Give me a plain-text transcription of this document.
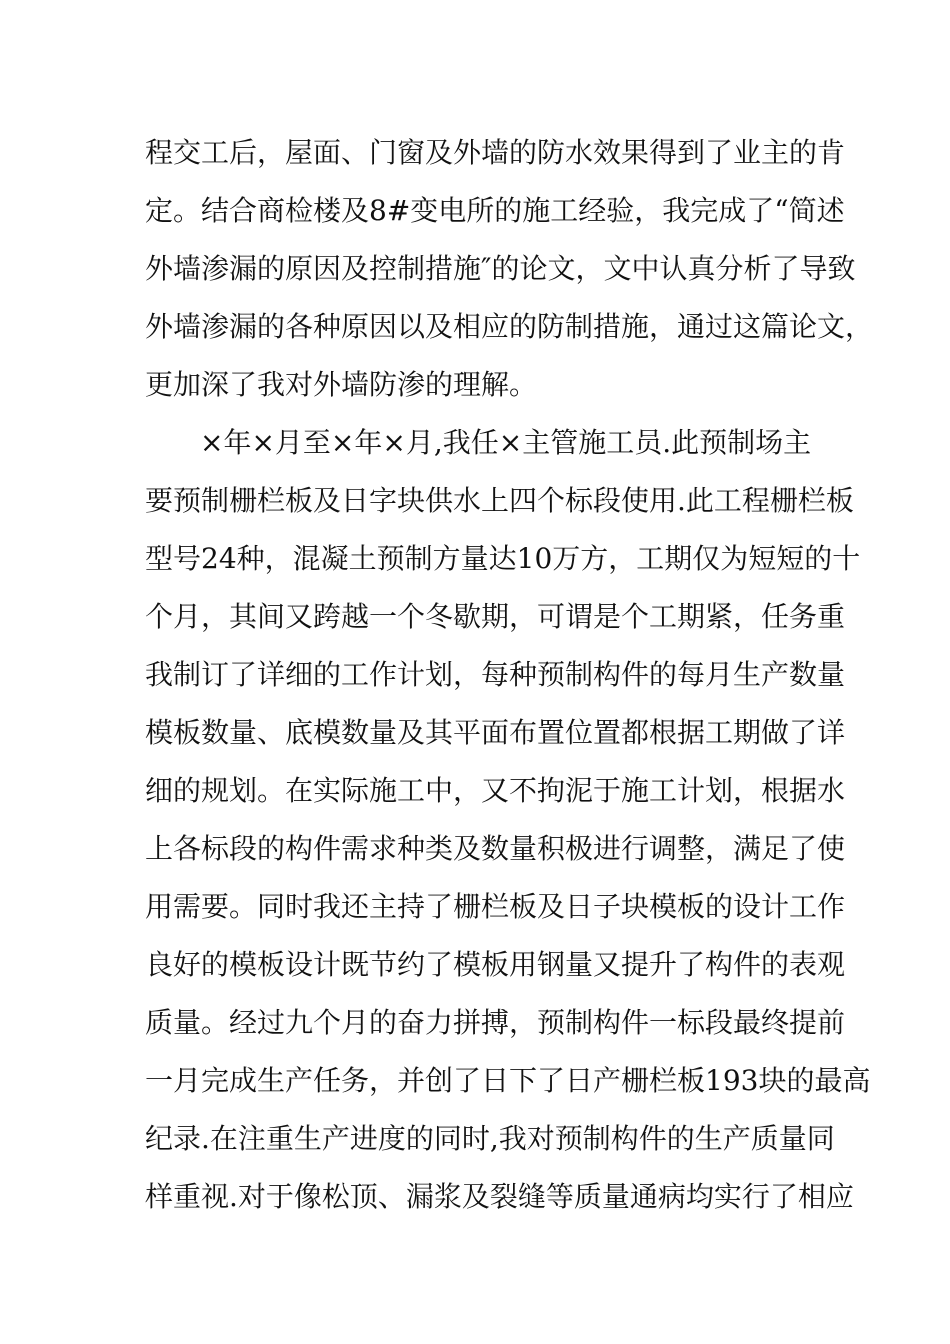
程交工后，屋面、门窗及外墙的防水效果得到了业主的肯
定。结合商检楼及8#变电所的施工经验，我完成了“简述
外墙渗漏的原因及控制措施″的论文，文中认真分析了导致
外墙渗漏的各种原因以及相应的防制措施，通过这篇论文，
更加深了我对外墙防渗的理解。
×年×月至×年×月,我任×主管施工员.此预制场主
要预制栅栏板及日字块供水上四个标段使用.此工程栅栏板
型号24种，混凝土预制方量达10万方，工期仅为短短的十
个月，其间又跨越一个冬歇期，可谓是个工期紧，任务重
我制订了详细的工作计划，每种预制构件的每月生产数量
模板数量、底模数量及其平面布置位置都根据工期做了详
细的规划。在实际施工中，又不拘泥于施工计划，根据水
上各标段的构件需求种类及数量积极进行调整，满足了使
用需要。同时我还主持了栅栏板及日子块模板的设计工作
良好的模板设计既节约了模板用钢量又提升了构件的表观
质量。经过九个月的奋力拼搏，预制构件一标段最终提前
一月完成生产任务，并创了日下了日产栅栏板193块的最高
纪录.在注重生产进度的同时,我对预制构件的生产质量同
样重视.对于像松顶、漏浆及裂缝等质量通病均实行了相应
